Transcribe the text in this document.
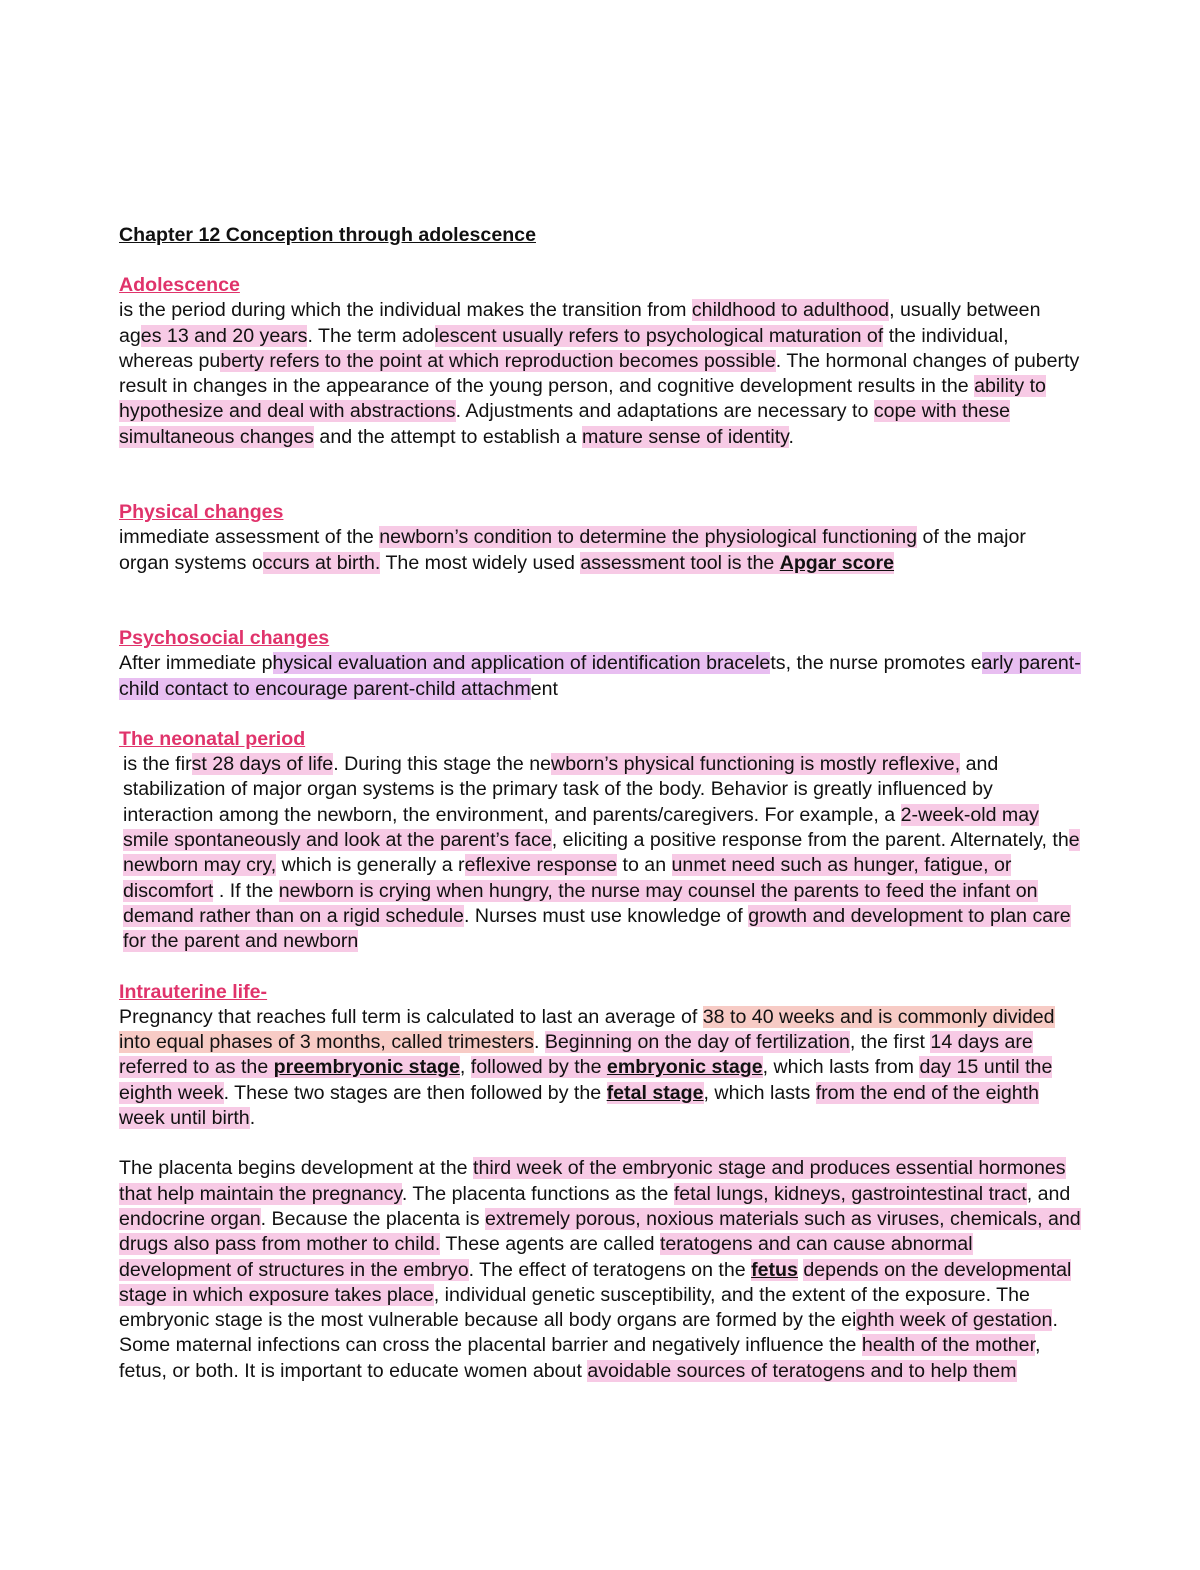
Chapter 12 Conception through adolescence
Adolescence

is the period during which the individual makes the transition from childhood to adulthood, usually between ages 13 and 20 years. The term adolescent usually refers to psychological maturation of the individual, whereas puberty refers to the point at which reproduction becomes possible. The hormonal changes of puberty result in changes in the appearance of the young person, and cognitive development results in the ability to hypothesize and deal with abstractions. Adjustments and adaptations are necessary to cope with these simultaneous changes and the attempt to establish a mature sense of identity.

Physical changes

immediate assessment of the newborn’s condition to determine the physiological functioning of the major organ systems occurs at birth. The most widely used assessment tool is the Apgar score

Psychosocial changes

After immediate physical evaluation and application of identification bracelets, the nurse promotes early parent-child contact to encourage parent-child attachment

The neonatal period

is the first 28 days of life. During this stage the newborn’s physical functioning is mostly reflexive, and stabilization of major organ systems is the primary task of the body. Behavior is greatly influenced by interaction among the newborn, the environment, and parents/caregivers. For example, a 2-week-old may smile spontaneously and look at the parent’s face, eliciting a positive response from the parent. Alternately, the newborn may cry, which is generally a reflexive response to an unmet need such as hunger, fatigue, or discomfort . If the newborn is crying when hungry, the nurse may counsel the parents to feed the infant on demand rather than on a rigid schedule. Nurses must use knowledge of growth and development to plan care for the parent and newborn

Intrauterine life-

Pregnancy that reaches full term is calculated to last an average of 38 to 40 weeks and is commonly divided into equal phases of 3 months, called trimesters. Beginning on the day of fertilization, the first 14 days are referred to as the preembryonic stage, followed by the embryonic stage, which lasts from day 15 until the eighth week. These two stages are then followed by the fetal stage, which lasts from the end of the eighth week until birth.

The placenta begins development at the third week of the embryonic stage and produces essential hormones that help maintain the pregnancy. The placenta functions as the fetal lungs, kidneys, gastrointestinal tract, and endocrine organ. Because the placenta is extremely porous, noxious materials such as viruses, chemicals, and drugs also pass from mother to child. These agents are called teratogens and can cause abnormal development of structures in the embryo. The effect of teratogens on the fetus depends on the developmental stage in which exposure takes place, individual genetic susceptibility, and the extent of the exposure. The embryonic stage is the most vulnerable because all body organs are formed by the eighth week of gestation. Some maternal infections can cross the placental barrier and negatively influence the health of the mother, fetus, or both. It is important to educate women about avoidable sources of teratogens and to help them
